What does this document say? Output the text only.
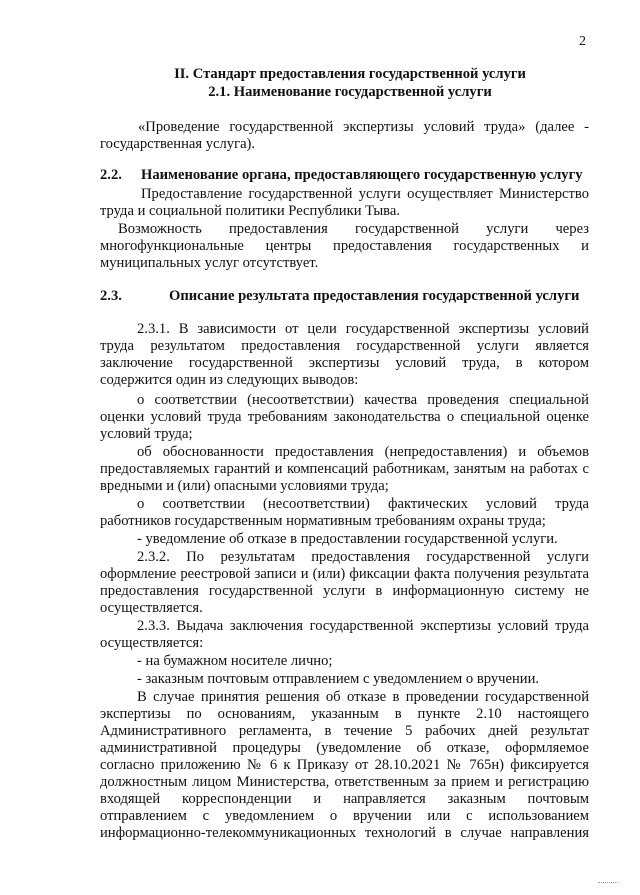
2
II. Стандарт предоставления государственной услуги
2.1. Наименование государственной услуги
«Проведение государственной экспертизы условий труда» (далее -
государственная услуга).
2.2. Наименование органа, предоставляющего государственную услугу
Предоставление государственной услуги осуществляет Министерство
труда и социальной политики Республики Тыва.
Возможность предоставления государственной услуги через
многофункциональные центры предоставления государственных и
муниципальных услуг отсутствует.
2.3.	Описание результата предоставления государственной услуги
2.3.1. В зависимости от цели государственной экспертизы условий
труда результатом предоставления государственной услуги является
заключение государственной экспертизы условий труда, в котором
содержится один из следующих выводов:
о соответствии (несоответствии) качества проведения специальной
оценки условий труда требованиям законодательства о специальной оценке
условий труда;
об обоснованности предоставления (непредоставления) и объемов
предоставляемых гарантий и компенсаций работникам, занятым на работах с
вредными и (или) опасными условиями труда;
о соответствии (несоответствии) фактических условий труда
работников государственным нормативным требованиям охраны труда;
- уведомление об отказе в предоставлении государственной услуги.
2.3.2. По результатам предоставления государственной услуги
оформление реестровой записи и (или) фиксации факта получения результата
предоставления государственной услуги в информационную систему не
осуществляется.
2.3.3. Выдача заключения государственной экспертизы условий труда
осуществляется:
- на бумажном носителе лично;
- заказным почтовым отправлением с уведомлением о вручении.
В случае принятия решения об отказе в проведении государственной
экспертизы по основаниям, указанным в пункте 2.10 настоящего
Административного регламента, в течение 5 рабочих дней результат
административной процедуры (уведомление об отказе, оформляемое
согласно приложению № 6 к Приказу от 28.10.2021 № 765н) фиксируется
должностным лицом Министерства, ответственным за прием и регистрацию
входящей корреспонденции и направляется заказным почтовым
отправлением с уведомлением о вручении или с использованием
информационно-телекоммуникационных технологий в случае направления
